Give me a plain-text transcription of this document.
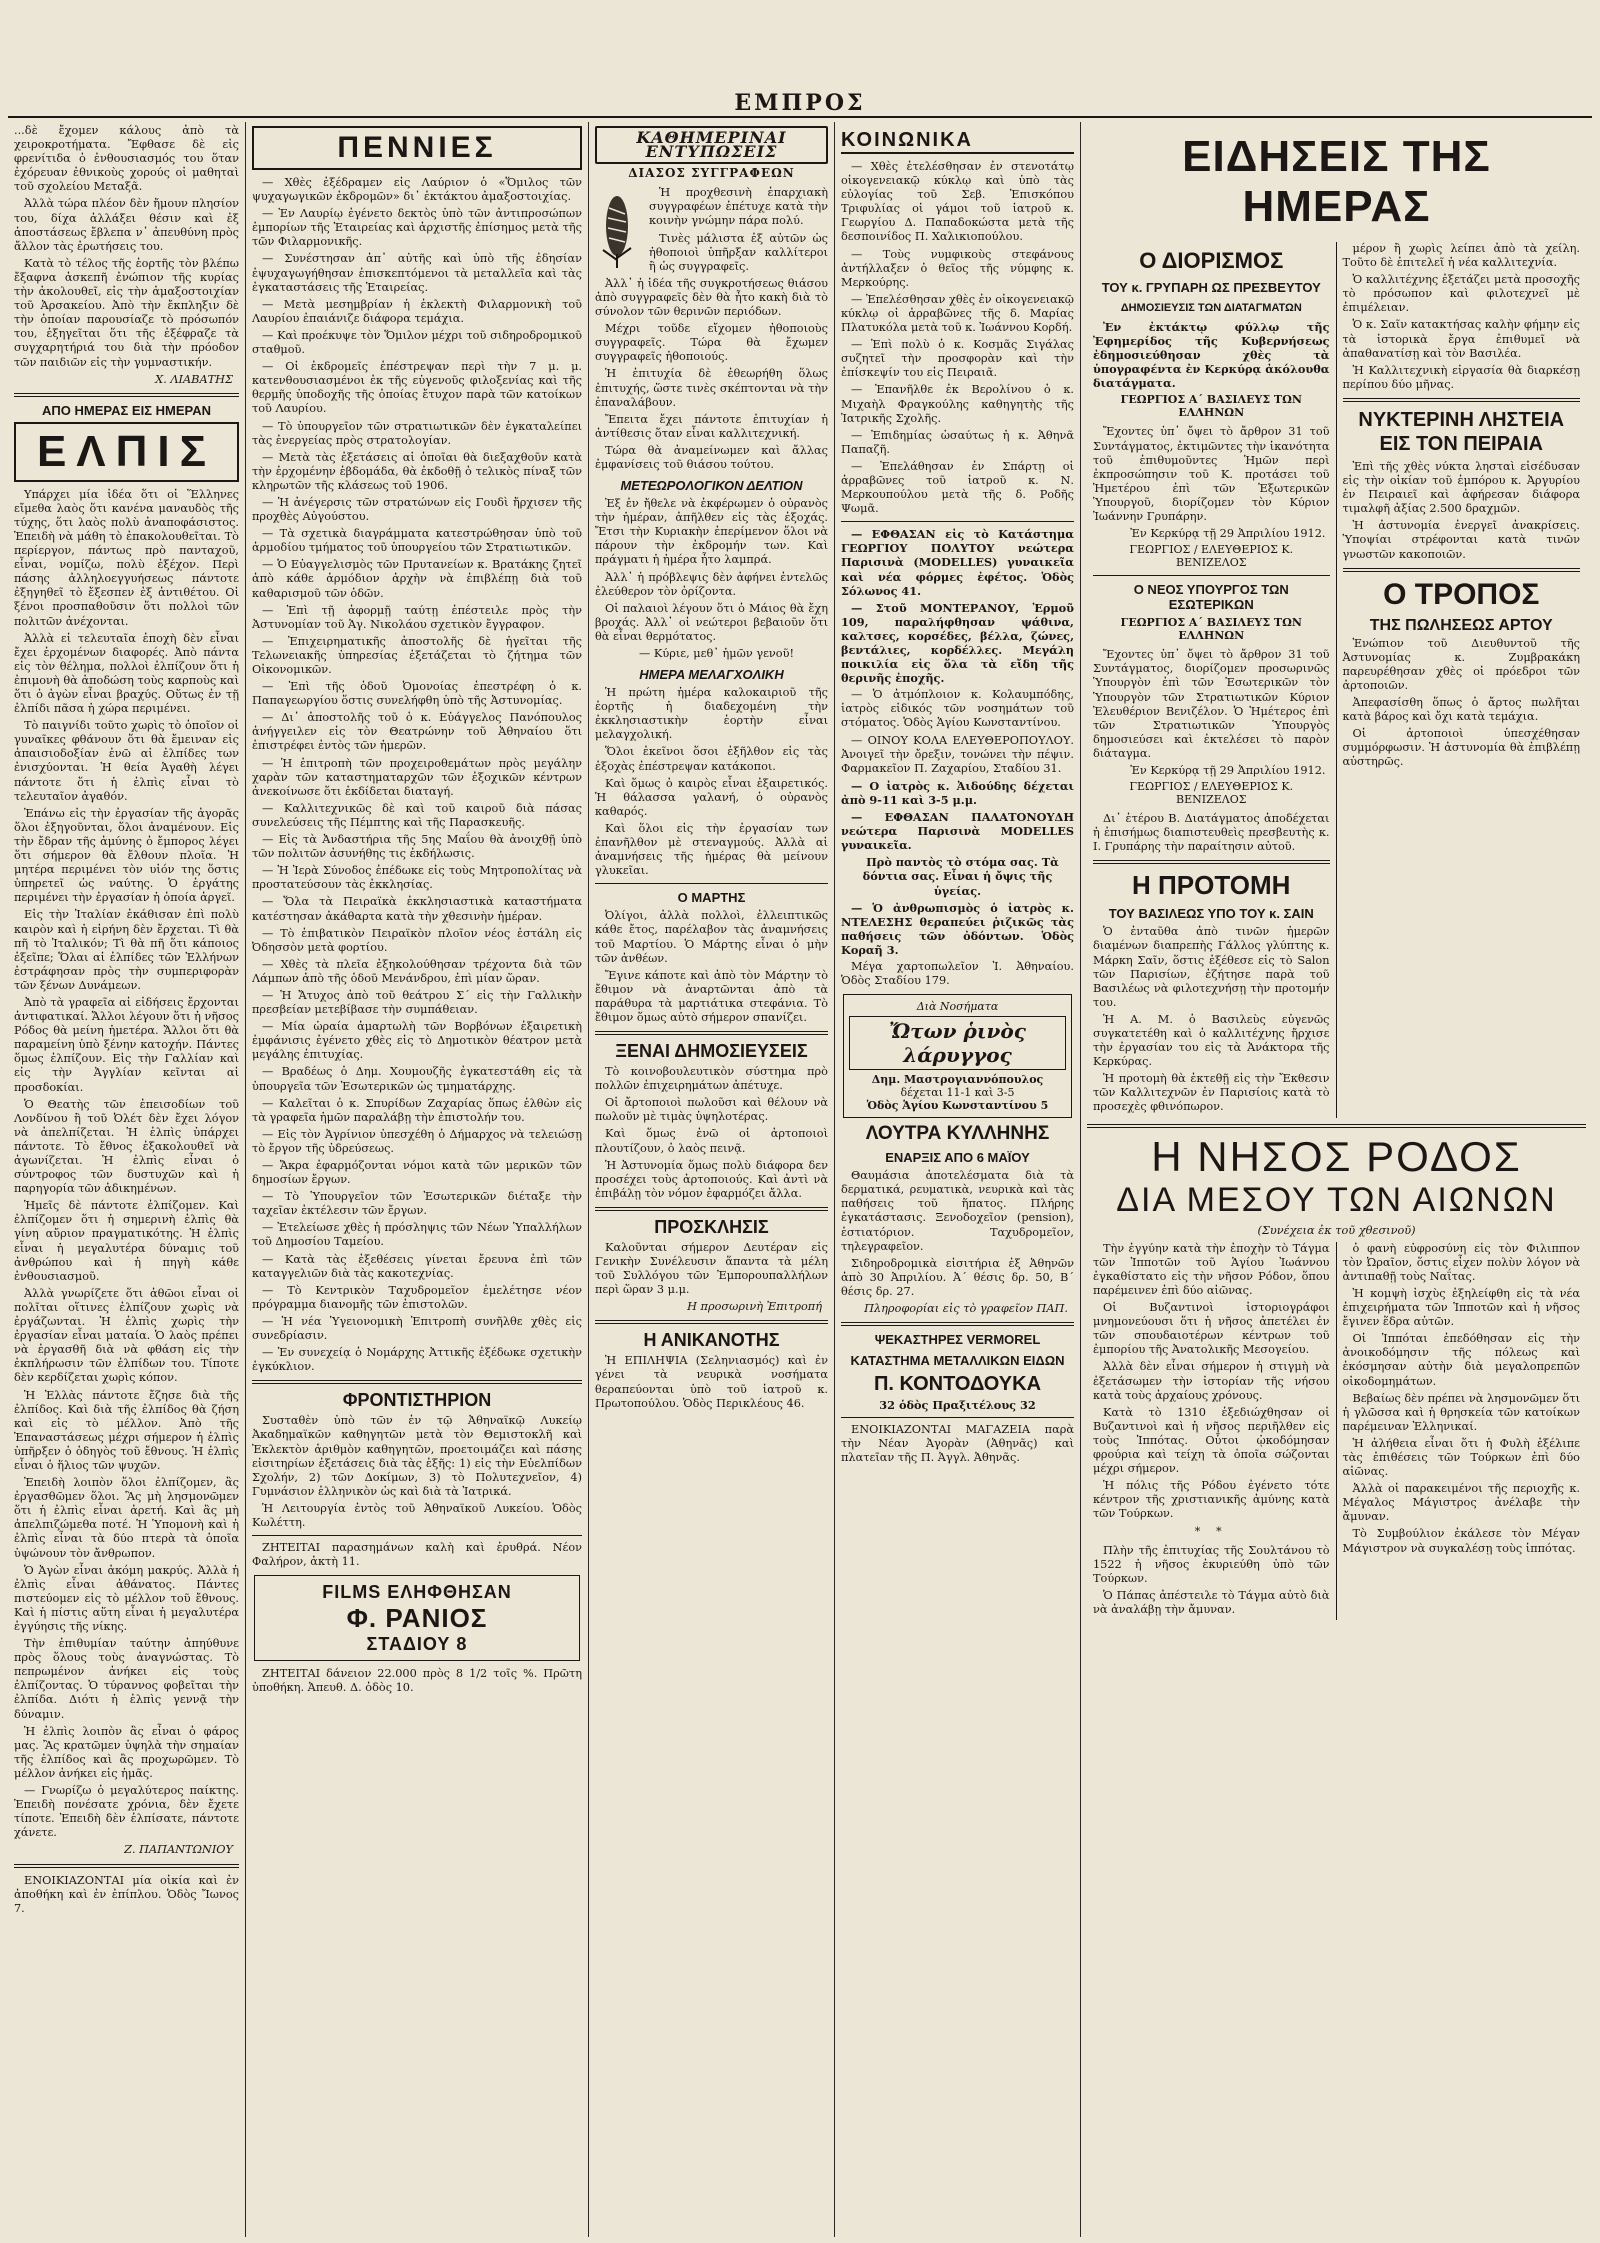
ΕΜΠΡΟΣ

...δὲ ἔχομεν κάλους ἀπὸ τὰ χειροκροτήματα. Ἔφθασε δὲ εἰς φρενίτιδα ὁ ἐνθουσιασμός του ὅταν ἐχόρευαν ἐθνικοὺς χορούς οἱ μαθηταὶ τοῦ σχολείου Μεταξᾶ.

Ἀλλὰ τώρα πλέον δὲν ἤμουν πλησίον του, δίχα ἀλλάξει θέσιν καὶ ἐξ ἀποστάσεως ἔβλεπα ν᾽ ἀπευθύνη πρὸς ἄλλον τὰς ἐρωτήσεις του.

Κατὰ τὸ τέλος τῆς ἑορτῆς τὸν βλέπω ἔξαφνα ἀσκεπῆ ἐνώπιον τῆς κυρίας τὴν ἀκολουθεῖ, εἰς τὴν ἀμαξοστοιχίαν τοῦ Ἀρσακείου. Ἀπὸ τὴν ἔκπληξιν δὲ τὴν ὁποίαν παρουσίαζε τὸ πρόσωπόν του, ἐξηγεῖται ὅτι τῆς ἐξέφραζε τὰ συγχαρητήριά του διὰ τὴν πρόοδον τῶν παιδιῶν εἰς τὴν γυμναστικήν.

Χ. ΛΙΑΒΑΤΗΣ
ΑΠΟ ΗΜΕΡΑΣ ΕΙΣ ΗΜΕΡΑΝ
ΕΛΠΙΣ

Υπάρχει μία ἰδέα ὅτι οἱ Ἕλληνες εἴμεθα λαὸς ὅτι κανένα μαναυδὸς τῆς τύχης, ὅτι λαὸς πολὺ ἀναποφάσιστος. Ἐπειδὴ νὰ μάθη τὸ ἐπακολουθεῖται. Τὸ περίεργον, πάντως πρὸ πανταχοῦ, εἶναι, νομίζω, πολὺ ἐξέχον. Περὶ πάσης ἀλληλοεγγυήσεως πάντοτε ἐξηγηθεῖ τὸ ἔξεσπεν ἐξ ἀντιθέτου. Οἱ ξένοι προσπαθοῦσιν ὅτι πολλοὶ τῶν πολιτῶν ἀνέχονται.

Ἀλλὰ εἰ τελευταῖα ἐποχὴ δὲν εἶναι ἔχει ἐρχομένων διαφορές. Ἀπὸ πάντα εἰς τὸν θέλημα, πολλοὶ ἐλπίζουν ὅτι ἡ ἐπιμονὴ θὰ ἀποδώση τοὺς καρποὺς καὶ ὅτι ὁ ἀγὼν εἶναι βραχύς. Οὕτως ἐν τῇ ἐλπίδι πᾶσα ἡ χώρα περιμένει.

Τὸ παιγνίδι τοῦτο χωρὶς τὸ ὁποῖον οἱ γυναῖκες φθάνουν ὅτι θὰ ἔμειναν εἰς ἀπαισιοδοξίαν ἐνῶ αἱ ἐλπίδες των ἐνισχύονται. Ἡ θεία Ἀγαθὴ λέγει πάντοτε ὅτι ἡ ἐλπὶς εἶναι τὸ τελευταῖον ἀγαθόν.

Ἐπάνω εἰς τὴν ἐργασίαν τῆς ἀγορᾶς ὅλοι ἐξηγοῦνται, ὅλοι ἀναμένουν. Εἰς τὴν ἔδραν τῆς ἀμύνης ὁ ἔμπορος λέγει ὅτι σήμερον θὰ ἔλθουν πλοῖα. Ἡ μητέρα περιμένει τὸν υἱόν της ὅστις ὑπηρετεῖ ὡς ναύτης. Ὁ ἐργάτης περιμένει τὴν ἐργασίαν ἡ ὁποία ἀργεῖ.

Εἰς τὴν Ἰταλίαν ἐκάθισαν ἐπὶ πολὺ καιρὸν καὶ ἡ εἰρήνη δὲν ἔρχεται. Τὶ θὰ πῆ τὸ Ἰταλικόν; Τὶ θὰ πῆ ὅτι κάποιος ἐξεῖπε; Ὅλαι αἱ ἐλπίδες τῶν Ἑλλήνων ἐστράφησαν πρὸς τὴν συμπεριφορὰν τῶν ξένων Δυνάμεων.

Ἀπὸ τὰ γραφεῖα αἱ εἰδήσεις ἔρχονται ἀντιφατικαί. Ἄλλοι λέγουν ὅτι ἡ νῆσος Ρόδος θὰ μείνη ἡμετέρα. Ἄλλοι ὅτι θὰ παραμείνη ὑπὸ ξένην κατοχήν. Πάντες ὅμως ἐλπίζουν. Εἰς τὴν Γαλλίαν καὶ εἰς τὴν Ἀγγλίαν κεῖνται αἱ προσδοκίαι.

Ὁ Θεατὴς τῶν ἐπεισοδίων τοῦ Λονδίνου ἢ τοῦ Ὀλέτ δὲν ἔχει λόγον νὰ ἀπελπίζεται. Ἡ ἐλπὶς ὑπάρχει πάντοτε. Τὸ ἔθνος ἐξακολουθεῖ νὰ ἀγωνίζεται. Ἡ ἐλπὶς εἶναι ὁ σύντροφος τῶν δυστυχῶν καὶ ἡ παρηγορία τῶν ἀδικημένων.

Ἡμεῖς δὲ πάντοτε ἐλπίζομεν. Καὶ ἐλπίζομεν ὅτι ἡ σημερινὴ ἐλπὶς θὰ γίνη αὔριον πραγματικότης. Ἡ ἐλπὶς εἶναι ἡ μεγαλυτέρα δύναμις τοῦ ἀνθρώπου καὶ ἡ πηγὴ κάθε ἐνθουσιασμοῦ.

Ἀλλὰ γνωρίζετε ὅτι ἀθῶοι εἶναι οἱ πολῖται οἵτινες ἐλπίζουν χωρὶς νὰ ἐργάζωνται. Ἡ ἐλπὶς χωρὶς τὴν ἐργασίαν εἶναι ματαία. Ὁ λαὸς πρέπει νὰ ἐργασθῆ διὰ νὰ φθάση εἰς τὴν ἐκπλήρωσιν τῶν ἐλπίδων του. Τίποτε δὲν κερδίζεται χωρὶς κόπον.

Ἡ Ἑλλὰς πάντοτε ἔζησε διὰ τῆς ἐλπίδος. Καὶ διὰ τῆς ἐλπίδος θὰ ζήση καὶ εἰς τὸ μέλλον. Ἀπὸ τῆς Ἐπαναστάσεως μέχρι σήμερον ἡ ἐλπὶς ὑπῆρξεν ὁ ὁδηγὸς τοῦ ἔθνους. Ἡ ἐλπὶς εἶναι ὁ ἥλιος τῶν ψυχῶν.

Ἐπειδὴ λοιπὸν ὅλοι ἐλπίζομεν, ἂς ἐργασθῶμεν ὅλοι. Ἂς μὴ λησμονῶμεν ὅτι ἡ ἐλπὶς εἶναι ἀρετή. Καὶ ἂς μὴ ἀπελπιζώμεθα ποτέ. Ἡ Ὑπομονὴ καὶ ἡ ἐλπὶς εἶναι τὰ δύο πτερὰ τὰ ὁποῖα ὑψώνουν τὸν ἄνθρωπον.

Ὁ Ἀγὼν εἶναι ἀκόμη μακρύς. Ἀλλὰ ἡ ἐλπὶς εἶναι ἀθάνατος. Πάντες πιστεύομεν εἰς τὸ μέλλον τοῦ ἔθνους. Καὶ ἡ πίστις αὕτη εἶναι ἡ μεγαλυτέρα ἐγγύησις τῆς νίκης.

Τὴν ἐπιθυμίαν ταύτην ἀπηύθυνε πρὸς ὅλους τοὺς ἀναγνώστας. Τὸ πεπρωμένον ἀνήκει εἰς τοὺς ἐλπίζοντας. Ὁ τύραννος φοβεῖται τὴν ἐλπίδα. Διότι ἡ ἐλπὶς γεννᾷ τὴν δύναμιν.

Ἡ ἐλπὶς λοιπὸν ἂς εἶναι ὁ φάρος μας. Ἂς κρατῶμεν ὑψηλὰ τὴν σημαίαν τῆς ἐλπίδος καὶ ἂς προχωρῶμεν. Τὸ μέλλον ἀνήκει εἰς ἡμᾶς.

— Γνωρίζω ὁ μεγαλύτερος παίκτης. Ἐπειδὴ πονέσατε χρόνια, δὲν ἔχετε τίποτε. Ἐπειδὴ δὲν ἐλπίσατε, πάντοτε χάνετε.

Ζ. ΠΑΠΑΝΤΩΝΙΟΥ

ΕΝΟΙΚΙΑΖΟΝΤΑΙ μία οἰκία καὶ ἐν ἀποθήκη καὶ ἐν ἐπίπλου. Ὁδὸς Ἴωνος 7.

ΠΕΝΝΙΕΣ

— Χθὲς ἐξέδραμεν εἰς Λαύριον ὁ «Ὅμιλος τῶν ψυχαγωγικῶν ἐκδρομῶν» δι᾽ ἐκτάκτου ἀμαξοστοιχίας.

— Ἐν Λαυρίῳ ἐγένετο δεκτὸς ὑπὸ τῶν ἀντιπροσώπων ἐμπορίων τῆς Ἑταιρείας καὶ ἀρχιστῆς ἐπίσημος μετὰ τῆς τῶν Φιλαρμονικῆς.

— Συνέστησαν ἀπ᾽ αὐτῆς καὶ ὑπὸ τῆς ἐδησίαν ἐψυχαγωγήθησαν ἐπισκεπτόμενοι τὰ μεταλλεῖα καὶ τὰς ἐγκαταστάσεις τῆς Ἑταιρείας.

— Μετὰ μεσημβρίαν ἡ ἐκλεκτὴ Φιλαρμονικὴ τοῦ Λαυρίου ἐπαιάνιζε διάφορα τεμάχια.

— Καὶ προέκυψε τὸν Ὅμιλον μέχρι τοῦ σιδηροδρομικοῦ σταθμοῦ.

— Οἱ ἐκδρομεῖς ἐπέστρεψαν περὶ τὴν 7 μ. μ. κατενθουσιασμένοι ἐκ τῆς εὐγενοῦς φιλοξενίας καὶ τῆς θερμῆς ὑποδοχῆς τῆς ὁποίας ἔτυχον παρὰ τῶν κατοίκων τοῦ Λαυρίου.

— Τὸ ὑπουργεῖον τῶν στρατιωτικῶν δὲν ἐγκαταλείπει τὰς ἐνεργείας πρὸς στρατολογίαν.

— Μετὰ τὰς ἐξετάσεις αἱ ὁποῖαι θὰ διεξαχθοῦν κατὰ τὴν ἐρχομένην ἑβδομάδα, θὰ ἐκδοθῇ ὁ τελικὸς πίναξ τῶν κληρωτῶν τῆς κλάσεως τοῦ 1906.

— Ἡ ἀνέγερσις τῶν στρατώνων εἰς Γουδὶ ἤρχισεν τῆς προχθὲς Αὐγούστου.

— Τὰ σχετικὰ διαγράμματα κατεστρώθησαν ὑπὸ τοῦ ἀρμοδίου τμήματος τοῦ ὑπουργείου τῶν Στρατιωτικῶν.

— Ὁ Εὐαγγελισμὸς τῶν Πρυτανείων κ. Βρατάκης ζητεῖ ἀπὸ κάθε ἁρμόδιον ἀρχὴν νὰ ἐπιβλέπῃ διὰ τοῦ καθαρισμοῦ τῶν ὁδῶν.

— Ἐπὶ τῇ ἀφορμῇ ταύτῃ ἐπέστειλε πρὸς τὴν Ἀστυνομίαν τοῦ Ἁγ. Νικολάου σχετικὸν ἔγγραφον.

— Ἐπιχειρηματικῆς ἀποστολῆς δὲ ἡγεῖται τῆς Τελωνειακῆς ὑπηρεσίας ἐξετάζεται τὸ ζήτημα τῶν Οἰκονομικῶν.

— Ἐπὶ τῆς ὁδοῦ Ὀμονοίας ἐπεστρέφη ὁ κ. Παπαγεωργίου ὅστις συνελήφθη ὑπὸ τῆς Ἀστυνομίας.

— Δι᾽ ἀποστολῆς τοῦ ὁ κ. Εὐάγγελος Πανόπουλος ἀνήγγειλεν εἰς τὸν Θεατρώνην τοῦ Ἀθηναίου ὅτι ἐπιστρέφει ἐντὸς τῶν ἡμερῶν.

— Ἡ ἐπιτροπὴ τῶν προχειροθεμάτων πρὸς μεγάλην χαρὰν τῶν καταστηματαρχῶν τῶν ἐξοχικῶν κέντρων ἀνεκοίνωσε ὅτι ἐκδίδεται διαταγή.

— Καλλιτεχνικῶς δὲ καὶ τοῦ καιροῦ διὰ πάσας συνελεύσεις τῆς Πέμπτης καὶ τῆς Παρασκευῆς.

— Εἰς τὰ Ἀνδαστήρια τῆς 5ης Μαΐου θὰ ἀνοιχθῇ ὑπὸ τῶν πολιτῶν ἀσυνήθης τις ἐκδήλωσις.

— Ἡ Ἱερὰ Σύνοδος ἐπέδωκε εἰς τοὺς Μητροπολίτας νὰ προστατεύσουν τὰς ἐκκλησίας.

— Ὅλα τὰ Πειραϊκὰ ἐκκλησιαστικὰ καταστήματα κατέστησαν ἀκάθαρτα κατὰ τὴν χθεσινὴν ἡμέραν.

— Τὸ ἐπιβατικὸν Πειραϊκὸν πλοῖον νέος ἐστάλη εἰς Ὀδησσὸν μετὰ φορτίου.

— Χθὲς τὰ πλεῖα ἐξηκολούθησαν τρέχοντα διὰ τῶν Λάμπων ἀπὸ τῆς ὁδοῦ Μενάνδρου, ἐπὶ μίαν ὥραν.

— Ἡ Ἄτυχος ἀπὸ τοῦ θεάτρου Σ΄ εἰς τὴν Γαλλικὴν πρεσβείαν μετεβίβασε τὴν συμπάθειαν.

— Μία ὡραία ἁμαρτωλὴ τῶν Βορβόνων ἐξαιρετικὴ ἐμφάνισις ἐγένετο χθὲς εἰς τὸ Δημοτικὸν θέατρον μετὰ μεγάλης ἐπιτυχίας.

— Βραδέως ὁ Δημ. Χουμουζῆς ἐγκατεστάθη εἰς τὰ ὑπουργεῖα τῶν Ἐσωτερικῶν ὡς τμηματάρχης.

— Καλεῖται ὁ κ. Σπυρίδων Ζαχαρίας ὅπως ἐλθὼν εἰς τὰ γραφεῖα ἡμῶν παραλάβῃ τὴν ἐπιστολήν του.

— Εἰς τὸν Ἀγρίνιον ὑπεσχέθη ὁ Δήμαρχος νὰ τελειώσῃ τὸ ἔργον τῆς ὑδρεύσεως.

— Ἄκρα ἐφαρμόζονται νόμοι κατὰ τῶν μερικῶν τῶν δημοσίων ἔργων.

— Τὸ Ὑπουργεῖον τῶν Ἐσωτερικῶν διέταξε τὴν ταχεῖαν ἐκτέλεσιν τῶν ἔργων.

— Ἐτελείωσε χθὲς ἡ πρόσληψις τῶν Νέων Ὑπαλλήλων τοῦ Δημοσίου Ταμείου.

— Κατὰ τὰς ἐξεθέσεις γίνεται ἔρευνα ἐπὶ τῶν καταγγελιῶν διὰ τὰς κακοτεχνίας.

— Τὸ Κεντρικὸν Ταχυδρομεῖον ἐμελέτησε νέον πρόγραμμα διανομῆς τῶν ἐπιστολῶν.

— Ἡ νέα Ὑγειονομικὴ Ἐπιτροπὴ συνῆλθε χθὲς εἰς συνεδρίασιν.

— Ἐν συνεχείᾳ ὁ Νομάρχης Ἀττικῆς ἐξέδωκε σχετικὴν ἐγκύκλιον.

ΦΡΟΝΤΙΣΤΗΡΙΟΝ

Συσταθὲν ὑπὸ τῶν ἐν τῷ Ἀθηναϊκῷ Λυκείῳ Ἀκαδημαϊκῶν καθηγητῶν μετὰ τὸν Θεμιστοκλῆ καὶ Ἐκλεκτὸν ἀριθμὸν καθηγητῶν, προετοιμάζει καὶ πάσης εἰσιτηρίων ἐξετάσεις διὰ τὰς ἑξῆς: 1) εἰς τὴν Εὐελπίδων Σχολήν, 2) τῶν Δοκίμων, 3) τὸ Πολυτεχνεῖον, 4) Γυμνάσιον ἑλληνικὸν ὡς καὶ διὰ τὰ Ἰατρικά.

Ἡ Λειτουργία ἐντὸς τοῦ Ἀθηναϊκοῦ Λυκείου. Ὁδὸς Κωλέττη.

ΖΗΤΕΙΤΑΙ παρασημάνων καλὴ καὶ ἐρυθρά. Νέον Φαλήρον, ἀκτὴ 11.

FILMS ΕΛΗΦΘΗΣΑΝ
Φ. ΡΑΝΙΟΣ
ΣΤΑΔΙΟΥ 8

ΖΗΤΕΙΤΑΙ δάνειον 22.000 πρὸς 8 1/2 τοῖς %. Πρῶτη ὑποθήκη. Ἀπευθ. Δ. ὁδὸς 10.

ΚΑΘΗΜΕΡΙΝΑΙ ΕΝΤΥΠΩΣΕΙΣ
ΔΙΑΣΟΣ ΣΥΓΓΡΑΦΕΩΝ

Ἡ προχθεσινὴ ἐπαρχιακὴ συγγραφέων ἐπέτυχε κατὰ τὴν κοινὴν γνώμην πάρα πολύ.

Τινὲς μάλιστα ἐξ αὐτῶν ὡς ἠθοποιοὶ ὑπῆρξαν καλλίτεροι ἢ ὡς συγγραφεῖς.

Ἀλλ᾽ ἡ ἰδέα τῆς συγκροτήσεως θιάσου ἀπὸ συγγραφεῖς δὲν θὰ ἦτο κακὴ διὰ τὸ σύνολον τῶν θερινῶν περιόδων.

Μέχρι τοῦδε εἴχομεν ἠθοποιοὺς συγγραφεῖς. Τώρα θὰ ἔχωμεν συγγραφεῖς ἠθοποιούς.

Ἡ ἐπιτυχία δὲ ἐθεωρήθη ὅλως ἐπιτυχής, ὥστε τινὲς σκέπτονται νὰ τὴν ἐπαναλάβουν.

Ἔπειτα ἔχει πάντοτε ἐπιτυχίαν ἡ ἀντίθεσις ὅταν εἶναι καλλιτεχνική.

Τώρα θὰ ἀναμείνωμεν καὶ ἄλλας ἐμφανίσεις τοῦ θιάσου τούτου.

ΜΕΤΕΩΡΟΛΟΓΙΚΟΝ ΔΕΛΤΙΟΝ

Ἐξ ἐν ἤθελε νὰ ἐκφέρωμεν ὁ οὐρανὸς τὴν ἡμέραν, ἀπῆλθεν εἰς τὰς ἐξοχάς. Ἔτσι τὴν Κυριακὴν ἐπερίμενον ὅλοι νὰ πάρουν τὴν ἐκδρομήν των. Καὶ πράγματι ἡ ἡμέρα ἦτο λαμπρά.

Ἀλλ᾽ ἡ πρόβλεψις δὲν ἀφήνει ἐντελῶς ἐλεύθερον τὸν ὁρίζοντα.

Οἱ παλαιοὶ λέγουν ὅτι ὁ Μάιος θὰ ἔχη βροχάς. Ἀλλ᾽ οἱ νεώτεροι βεβαιοῦν ὅτι θὰ εἶναι θερμότατος.

— Κύριε, μεθ᾽ ἡμῶν γενοῦ!

ΗΜΕΡΑ ΜΕΛΑΓΧΟΛΙΚΗ

Ἡ πρώτη ἡμέρα καλοκαιριοῦ τῆς ἑορτῆς ἡ διαδεχομένη τὴν ἐκκλησιαστικὴν ἑορτὴν εἶναι μελαγχολική.

Ὅλοι ἐκεῖνοι ὅσοι ἐξῆλθον εἰς τὰς ἐξοχὰς ἐπέστρεψαν κατάκοποι.

Καὶ ὅμως ὁ καιρὸς εἶναι ἐξαιρετικός. Ἡ θάλασσα γαλανή, ὁ οὐρανὸς καθαρός.

Καὶ ὅλοι εἰς τὴν ἐργασίαν των ἐπανῆλθον μὲ στεναγμούς. Ἀλλὰ αἱ ἀναμνήσεις τῆς ἡμέρας θὰ μείνουν γλυκεῖαι.

Ο ΜΑΡΤΗΣ

Ὀλίγοι, ἀλλὰ πολλοὶ, ἐλλειπτικῶς κάθε ἔτος, παρέλαβον τὰς ἀναμνήσεις τοῦ Μαρτίου. Ὁ Μάρτης εἶναι ὁ μὴν τῶν ἀνθέων.

Ἔγινε κάποτε καὶ ἀπὸ τὸν Μάρτην τὸ ἔθιμον νὰ ἀναρτῶνται ἀπὸ τὰ παράθυρα τὰ μαρτιάτικα στεφάνια. Τὸ ἔθιμον ὅμως αὐτὸ σήμερον σπανίζει.

ΞΕΝΑΙ ΔΗΜΟΣΙΕΥΣΕΙΣ

Τὸ κοινοβουλευτικὸν σύστημα πρὸ πολλῶν ἐπιχειρημάτων ἀπέτυχε.

Οἱ ἄρτοποιοὶ πωλοῦσι καὶ θέλουν νὰ πωλοῦν μὲ τιμὰς ὑψηλοτέρας.

Καὶ ὅμως ἐνῶ οἱ ἀρτοποιοὶ πλουτίζουν, ὁ λαὸς πεινᾷ.

Ἡ Ἀστυνομία ὅμως πολὺ διάφορα δεν προσέχει τοὺς ἀρτοποιούς. Καὶ ἀντὶ νὰ ἐπιβάλῃ τὸν νόμον ἐφαρμόζει ἄλλα.

ΠΡΟΣΚΛΗΣΙΣ

Καλοῦνται σήμερον Δευτέραν εἰς Γενικὴν Συνέλευσιν ἅπαντα τὰ μέλη τοῦ Συλλόγου τῶν Ἐμπορουπαλλήλων περὶ ὥραν 3 μ.μ.

Η προσωρινὴ Ἐπιτροπή
Η ΑΝΙΚΑΝΟΤΗΣ

Ἡ ΕΠΙΛΗΨΙΑ (Σεληνιασμός) καὶ ἐν γένει τὰ νευρικὰ νοσήματα θεραπεύονται ὑπὸ τοῦ ἰατροῦ κ. Πρωτοπούλου. Ὁδὸς Περικλέους 46.

ΚΟΙΝΩΝΙΚΑ

— Χθὲς ἐτελέσθησαν ἐν στενοτάτῳ οἰκογενειακῷ κύκλῳ καὶ ὑπὸ τὰς εὐλογίας τοῦ Σεβ. Ἐπισκόπου Τριφυλίας οἱ γάμοι τοῦ ἰατροῦ κ. Γεωργίου Δ. Παπαδοκώστα μετὰ τῆς δεσποινίδος Π. Χαλικιοπούλου.

— Τοὺς νυμφικοὺς στεφάνους ἀντήλλαξεν ὁ θεῖος τῆς νύμφης κ. Μερκούρης.

— Ἐπελέσθησαν χθὲς ἐν οἰκογενειακῷ κύκλῳ οἱ ἀρραβῶνες τῆς δ. Μαρίας Πλατυκόλα μετὰ τοῦ κ. Ἰωάννου Κορδή.

— Ἐπὶ πολὺ ὁ κ. Κοσμᾶς Σιγάλας συζητεῖ τὴν προσφορὰν καὶ τὴν ἐπίσκεψίν του εἰς Πειραιᾶ.

— Ἐπανῆλθε ἐκ Βερολίνου ὁ κ. Μιχαὴλ Φραγκούλης καθηγητὴς τῆς Ἰατρικῆς Σχολῆς.

— Ἐπιδημίας ὡσαύτως ἡ κ. Ἀθηνᾶ Παπαζῆ.

— Ἐπελάθησαν ἐν Σπάρτῃ οἱ ἀρραβῶνες τοῦ ἰατροῦ κ. Ν. Μερκουπούλου μετὰ τῆς δ. Ροδῆς Ψωμᾶ.

— ΕΦΘΑΣΑΝ εἰς τὸ Κατάστημα ΓΕΩΡΓΙΟΥ ΠΟΛΥΤΟΥ νεώτερα Παρισινὰ (MODELLES) γυναικεῖα καὶ νέα φόρμες ἐφέτος. Ὁδὸς Σόλωνος 41.

— Στοῦ ΜΟΝΤΕΡΑΝΟΥ, Ἑρμοῦ 109, παραλήφθησαν ψάθινα, καλτσες, κορσέδες, βέλλα, ζώνες, βεντάλιες, κορδέλλες. Μεγάλη ποικιλία εἰς ὅλα τὰ εἴδη τῆς θερινῆς ἐποχῆς.

— Ὁ ἀτμόπλοιον κ. Κολαυμπόδης, ἰατρὸς εἰδικός τῶν νοσημάτων τοῦ στόματος. Ὁδὸς Ἁγίου Κωνσταντίνου.

— ΟΙΝΟΥ ΚΟΛΑ ΕΛΕΥΘΕΡΟΠΟΥΛΟΥ. Ἀνοιγεῖ τὴν ὄρεξιν, τονώνει τὴν πέψιν. Φαρμακεῖον Π. Ζαχαρίου, Σταδίου 31.

— Ο ἰατρὸς κ. Ἀιδούδης δέχεται ἀπὸ 9-11 καὶ 3-5 μ.μ.

— ΕΦΘΑΣΑΝ ΠΑΛΑΤΟΝΟΥΔΗ νεώτερα Παρισινὰ MODELLES γυναικεῖα.

Πρὸ παντὸς τὸ στόμα σας. Τὰ δόντια σας. Εἶναι ἡ ὄψις τῆς ὑγείας.

— Ὁ ἀνθρωπισμὸς ὁ ἰατρὸς κ. ΝΤΕΛΕΣΗΣ θεραπεύει ῥιζικῶς τὰς παθήσεις τῶν ὀδόντων. Ὁδὸς Κοραῆ 3.

Μέγα χαρτοπωλεῖον Ἰ. Ἀθηναίου. Ὁδὸς Σταδίου 179.

Διὰ Νοσήματα
Ὤτων ῥινὸς λάρυγγος
Δημ. Μαστρογιαννόπουλος
δέχεται 11-1 καὶ 3-5
Ὁδὸς Ἁγίου Κωνσταντίνου 5
ΛΟΥΤΡΑ ΚΥΛΛΗΝΗΣ
ΕΝΑΡΞΙΣ ΑΠΟ 6 ΜΑΪΟΥ

Θαυμάσια ἀποτελέσματα διὰ τὰ δερματικά, ρευματικὰ, νευρικὰ καὶ τὰς παθήσεις τοῦ ἥπατος. Πλήρης ἐγκατάστασις. Ξενοδοχεῖον (pension), ἑστιατόριον. Ταχυδρομεῖον, τηλεγραφεῖον.

Σιδηροδρομικὰ εἰσιτήρια ἐξ Ἀθηνῶν ἀπὸ 30 Ἀπριλίου. Ἀ΄ θέσις δρ. 50, Β΄ θέσις δρ. 27.

Πληροφορίαι εἰς τὸ γραφεῖον ΠΑΠ.
ΨΕΚΑΣΤΗΡΕΣ VERMOREL
ΚΑΤΑΣΤΗΜΑ ΜΕΤΑΛΛΙΚΩΝ ΕΙΔΩΝ
Π. ΚΟΝΤΟΔΟΥΚΑ
32 ὁδὸς Πραξιτέλους 32

ΕΝΟΙΚΙΑΖΟΝΤΑΙ ΜΑΓΑΖΕΙΑ παρὰ τὴν Νέαν Ἀγορὰν (Ἀθηνᾶς) καὶ πλατεῖαν τῆς Π. Ἀγγλ. Ἀθηνᾶς.

ΕΙΔΗΣΕΙΣ ΤΗΣ ΗΜΕΡΑΣ
Ο ΔΙΟΡΙΣΜΟΣ
ΤΟΥ κ. ΓΡΥΠΑΡΗ ΩΣ ΠΡΕΣΒΕΥΤΟΥ
ΔΗΜΟΣΙΕΥΣΙΣ ΤΩΝ ΔΙΑΤΑΓΜΑΤΩΝ

Ἐν ἐκτάκτῳ φύλλῳ τῆς Ἐφημερίδος τῆς Κυβερνήσεως ἐδημοσιεύθησαν χθὲς τὰ ὑπογραφέντα ἐν Κερκύρᾳ ἀκόλουθα διατάγματα.

ΓΕΩΡΓΙΟΣ Α΄ ΒΑΣΙΛΕΥΣ ΤΩΝ ΕΛΛΗΝΩΝ

Ἔχοντες ὑπ᾽ ὄψει τὸ ἄρθρον 31 τοῦ Συντάγματος, ἐκτιμῶντες τὴν ἱκανότητα τοῦ ἐπιθυμοῦντες Ἡμῶν περὶ ἐκπροσώπησιν τοῦ Κ. προτάσει τοῦ Ἡμετέρου ἐπὶ τῶν Ἐξωτερικῶν Ὑπουργοῦ, διορίζομεν τὸν Κύριον Ἰωάννην Γρυπάρην.

Ἐν Κερκύρᾳ τῇ 29 Ἀπριλίου 1912.
ΓΕΩΡΓΙΟΣ / ΕΛΕΥΘΕΡΙΟΣ Κ. ΒΕΝΙΖΕΛΟΣ
Ο ΝΕΟΣ ΥΠΟΥΡΓΟΣ ΤΩΝ ΕΣΩΤΕΡΙΚΩΝ
ΓΕΩΡΓΙΟΣ Α΄ ΒΑΣΙΛΕΥΣ ΤΩΝ ΕΛΛΗΝΩΝ

Ἔχοντες ὑπ᾽ ὄψει τὸ ἄρθρον 31 τοῦ Συντάγματος, διορίζομεν προσωρινῶς Ὑπουργὸν ἐπὶ τῶν Ἐσωτερικῶν τὸν Ὑπουργὸν τῶν Στρατιωτικῶν Κύριον Ἐλευθέριον Βενιζέλον. Ὁ Ἡμέτερος ἐπὶ τῶν Στρατιωτικῶν Ὑπουργὸς δημοσιεύσει καὶ ἐκτελέσει τὸ παρὸν διάταγμα.

Ἐν Κερκύρᾳ τῇ 29 Ἀπριλίου 1912.
ΓΕΩΡΓΙΟΣ / ΕΛΕΥΘΕΡΙΟΣ Κ. ΒΕΝΙΖΕΛΟΣ

Δι᾽ ἑτέρου Β. Διατάγματος ἀποδέχεται ἡ ἐπισήμως διαπιστευθεὶς πρεσβευτὴς κ. Ι. Γρυπάρης τὴν παραίτησιν αὐτοῦ.

Η ΠΡΟΤΟΜΗ
ΤΟΥ ΒΑΣΙΛΕΩΣ ΥΠΟ ΤΟΥ κ. ΣΑΙΝ

Ὁ ἐνταῦθα ἀπὸ τινῶν ἡμερῶν διαμένων διαπρεπὴς Γάλλος γλύπτης κ. Μάρκη Σαῖν, ὅστις ἐξέθεσε εἰς τὸ Salon τῶν Παρισίων, ἐζήτησε παρὰ τοῦ Βασιλέως νὰ φιλοτεχνήσῃ τὴν προτομήν του.

Ἡ Α. Μ. ὁ Βασιλεὺς εὐγενῶς συγκατετέθη καὶ ὁ καλλιτέχνης ἤρχισε τὴν ἐργασίαν του εἰς τὰ Ἀνάκτορα τῆς Κερκύρας.

Ἡ προτομὴ θὰ ἐκτεθῇ εἰς τὴν Ἔκθεσιν τῶν Καλλιτεχνῶν ἐν Παρισίοις κατὰ τὸ προσεχὲς φθινόπωρον.

μέρον ἢ χωρὶς λείπει ἀπὸ τὰ χείλη. Τοῦτο δὲ ἐπιτελεῖ ἡ νέα καλλιτεχνία.

Ὁ καλλιτέχνης ἐξετάζει μετὰ προσοχῆς τὸ πρόσωπον καὶ φιλοτεχνεῖ μὲ ἐπιμέλειαν.

Ὁ κ. Σαῖν κατακτήσας καλὴν φήμην εἰς τὰ ἱστορικὰ ἔργα ἐπιθυμεῖ νὰ ἀπαθανατίσῃ καὶ τὸν Βασιλέα.

Ἡ Καλλιτεχνικὴ εἰργασία θὰ διαρκέσῃ περίπου δύο μῆνας.

ΝΥΚΤΕΡΙΝΗ ΛΗΣΤΕΙΑ ΕΙΣ ΤΟΝ ΠΕΙΡΑΙΑ

Ἐπὶ τῆς χθὲς νύκτα λησταὶ εἰσέδυσαν εἰς τὴν οἰκίαν τοῦ ἐμπόρου κ. Ἀργυρίου ἐν Πειραιεῖ καὶ ἀφήρεσαν διάφορα τιμαλφῆ ἀξίας 2.500 δραχμῶν.

Ἡ ἀστυνομία ἐνεργεῖ ἀνακρίσεις. Ὑποψίαι στρέφονται κατὰ τινῶν γνωστῶν κακοποιῶν.

Ο ΤΡΟΠΟΣ
ΤΗΣ ΠΩΛΗΣΕΩΣ ΑΡΤΟΥ

Ἐνώπιον τοῦ Διευθυντοῦ τῆς Ἀστυνομίας κ. Ζυμβρακάκη παρευρέθησαν χθὲς οἱ πρόεδροι τῶν ἀρτοποιῶν.

Ἀπεφασίσθη ὅπως ὁ ἄρτος πωλῆται κατὰ βάρος καὶ ὄχι κατὰ τεμάχια.

Οἱ ἀρτοποιοὶ ὑπεσχέθησαν συμμόρφωσιν. Ἡ ἀστυνομία θὰ ἐπιβλέπῃ αὐστηρῶς.

Η ΝΗΣΟΣ ΡΟΔΟΣ
ΔΙΑ ΜΕΣΟΥ ΤΩΝ ΑΙΩΝΩΝ
(Συνέχεια ἐκ τοῦ χθεσινοῦ)

Τὴν ἐγγύην κατὰ τὴν ἐποχὴν τὸ Τάγμα τῶν Ἱπποτῶν τοῦ Ἁγίου Ἰωάννου ἐγκαθίστατο εἰς τὴν νῆσον Ρόδον, ὅπου παρέμεινεν ἐπὶ δύο αἰῶνας.

Οἱ Βυζαντινοὶ ἱστοριογράφοι μνημονεύουσι ὅτι ἡ νῆσος ἀπετέλει ἐν τῶν σπουδαιοτέρων κέντρων τοῦ ἐμπορίου τῆς Ἀνατολικῆς Μεσογείου.

Ἀλλὰ δὲν εἶναι σήμερον ἡ στιγμὴ νὰ ἐξετάσωμεν τὴν ἱστορίαν τῆς νήσου κατὰ τοὺς ἀρχαίους χρόνους.

Κατὰ τὸ 1310 ἐξεδιώχθησαν οἱ Βυζαντινοὶ καὶ ἡ νῆσος περιῆλθεν εἰς τοὺς Ἱππότας. Οὗτοι ᾠκοδόμησαν φρούρια καὶ τείχη τὰ ὁποῖα σώζονται μέχρι σήμερον.

Ἡ πόλις τῆς Ρόδου ἐγένετο τότε κέντρον τῆς χριστιανικῆς ἀμύνης κατὰ τῶν Τούρκων.

* *

Πλὴν τῆς ἐπιτυχίας τῆς Σουλτάνου τὸ 1522 ἡ νῆσος ἐκυριεύθη ὑπὸ τῶν Τούρκων.

Ὁ Πάπας ἀπέστειλε τὸ Τάγμα αὐτὸ διὰ νὰ ἀναλάβῃ τὴν ἄμυναν.

ὁ φανὴ εὐφροσύνη εἰς τὸν Φιλιππον τὸν Ὠραῖον, ὅστις εἶχεν πολὺν λόγον νὰ ἀντιπαθῇ τοὺς Ναΐτας.

Ἡ κομψὴ ἰσχὺς ἐξηλείφθη εἰς τὰ νέα ἐπιχειρήματα τῶν Ἱπποτῶν καὶ ἡ νῆσος ἔγινεν ἕδρα αὐτῶν.

Οἱ Ἱππόται ἐπεδόθησαν εἰς τὴν ἀνοικοδόμησιν τῆς πόλεως καὶ ἐκόσμησαν αὐτὴν διὰ μεγαλοπρεπῶν οἰκοδομημάτων.

Βεβαίως δὲν πρέπει νὰ λησμονῶμεν ὅτι ἡ γλῶσσα καὶ ἡ θρησκεία τῶν κατοίκων παρέμειναν Ἑλληνικαί.

Ἡ ἀλήθεια εἶναι ὅτι ἡ Φυλὴ ἐξέλιπε τὰς ἐπιθέσεις τῶν Τούρκων ἐπὶ δύο αἰῶνας.

Ἀλλὰ οἱ παρακειμένοι τῆς περιοχῆς κ. Μέγαλος Μάγιστρος ἀνέλαβε τὴν ἄμυναν.

Τὸ Συμβούλιον ἐκάλεσε τὸν Μέγαν Μάγιστρον νὰ συγκαλέσῃ τοὺς ἱππότας.
